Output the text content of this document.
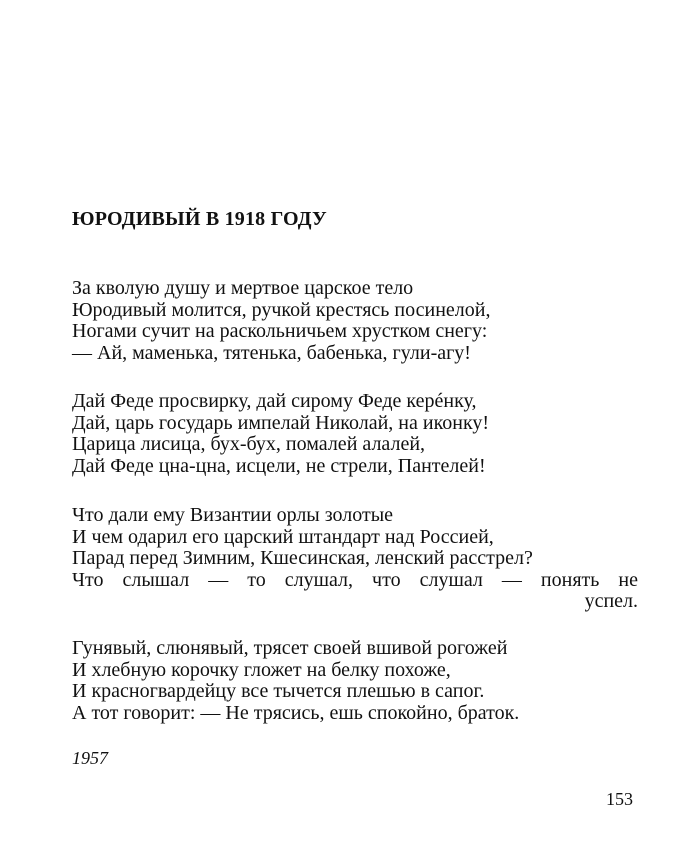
ЮРОДИВЫЙ В 1918 ГОДУ
За кволую душу и мертвое царское тело
Юродивый молится, ручкой крестясь посинелой,
Ногами сучит на раскольничьем хрустком снегу:
— Ай, маменька, тятенька, бабенька, гули-агу!
Дай Феде просвирку, дай сирому Феде керéнку,
Дай, царь государь импелай Николай, на иконку!
Царица лисица, бух-бух, помалей алалей,
Дай Феде цна-цна, исцели, не стрели, Пантелей!
Что дали ему Византии орлы золотые
И чем одарил его царский штандарт над Россией,
Парад перед Зимним, Кшесинская, ленский расстрел?
Что слышал — то слушал, что слушал — понять не
успел.
Гунявый, слюнявый, трясет своей вшивой рогожей
И хлебную корочку гложет на белку похоже,
И красногвардейцу все тычется плешью в сапог.
А тот говорит: — Не трясись, ешь спокойно, браток.
1957
153
